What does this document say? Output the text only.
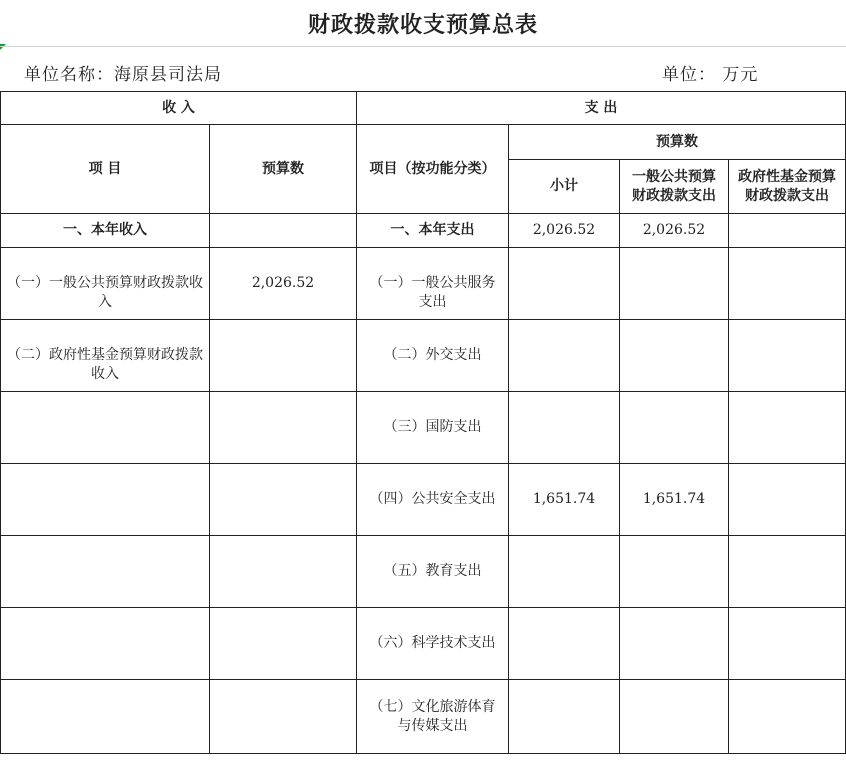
财政拨款收支预算总表
单位名称：海原县司法局	单位： 万元
收 入		支 出			
项 目	预算数	项目（按功能分类）	预算数		
			小计	一般公共预算财政拨款支出	政府性基金预算财政拨款支出
一、本年收入		一、本年支出	2,026.52	2,026.52	
（一）一般公共预算财政拨款收入	2,026.52	（一）一般公共服务支出			
（二）政府性基金预算财政拨款收入		（二）外交支出			
		（三）国防支出			
		（四）公共安全支出	1,651.74	1,651.74	
		（五）教育支出			
		（六）科学技术支出			
		（七）文化旅游体育与传媒支出			
